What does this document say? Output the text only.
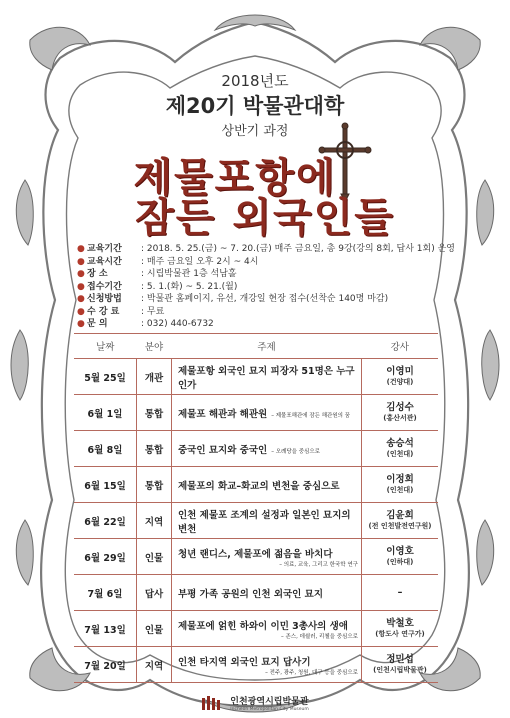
2018년도
제20기 박물관대학
상반기 과정
제물포항에
잠든 외국인들
● 교육기간	: 2018. 5. 25.(금) ~ 7. 20.(금) 매주 금요일, 총 9강(강의 8회, 답사 1회) 운영
● 교육시간	: 매주 금요일 오후 2시 ~ 4시
● 장 소	: 시립박물관 1층 석남홀
● 접수기간	: 5. 1.(화) ~ 5. 21.(월)
● 신청방법	: 박물관 홈페이지, 유선, 개강일 현장 접수(선착순 140명 마감)
● 수 강 료	: 무료
● 문 의	: 032) 440-6732
날짜	분야	주제	강사
5월 25일	개관	제물포항 외국인 묘지 피장자 51명은 누구인가	이영미
(건양대)

6월 1일	통합	제물포 해관과 해관원 – 제물포해관에 잠든 해관원의 꿈	김성수
(홍산서관)

6월 8일	통합	중국인 묘지와 중국인 – 오례당을 중심으로	송승석
(인천대)

6월 15일	통합	제물포의 화교–화교의 변천을 중심으로	이정희
(인천대)

6월 22일	지역	인천 제물포 조계의 설정과 일본인 묘지의 변천	김윤희
(전 인천발전연구원)

6월 29일	인물	청년 랜디스, 제물포에 젊음을 바치다
– 의료, 교육, 그리고 한국학 연구	이영호
(인하대)

7월 6일	답사	부평 가족 공원의 인천 외국인 묘지	–

7월 13일	인물	제물포에 얽힌 하와이 이민 3총사의 생애
– 존스, 데쉴러, 리첼을 중심으로	박철호
(항도사 연구가)

7월 20일	지역	인천 타지역 외국인 묘지 답사기
– 전주, 광주, 청원, 대구 등을 중심으로	정민섭
(인천시립박물관)

인천광역시립박물관
Incheon Metropolitan City Museum
